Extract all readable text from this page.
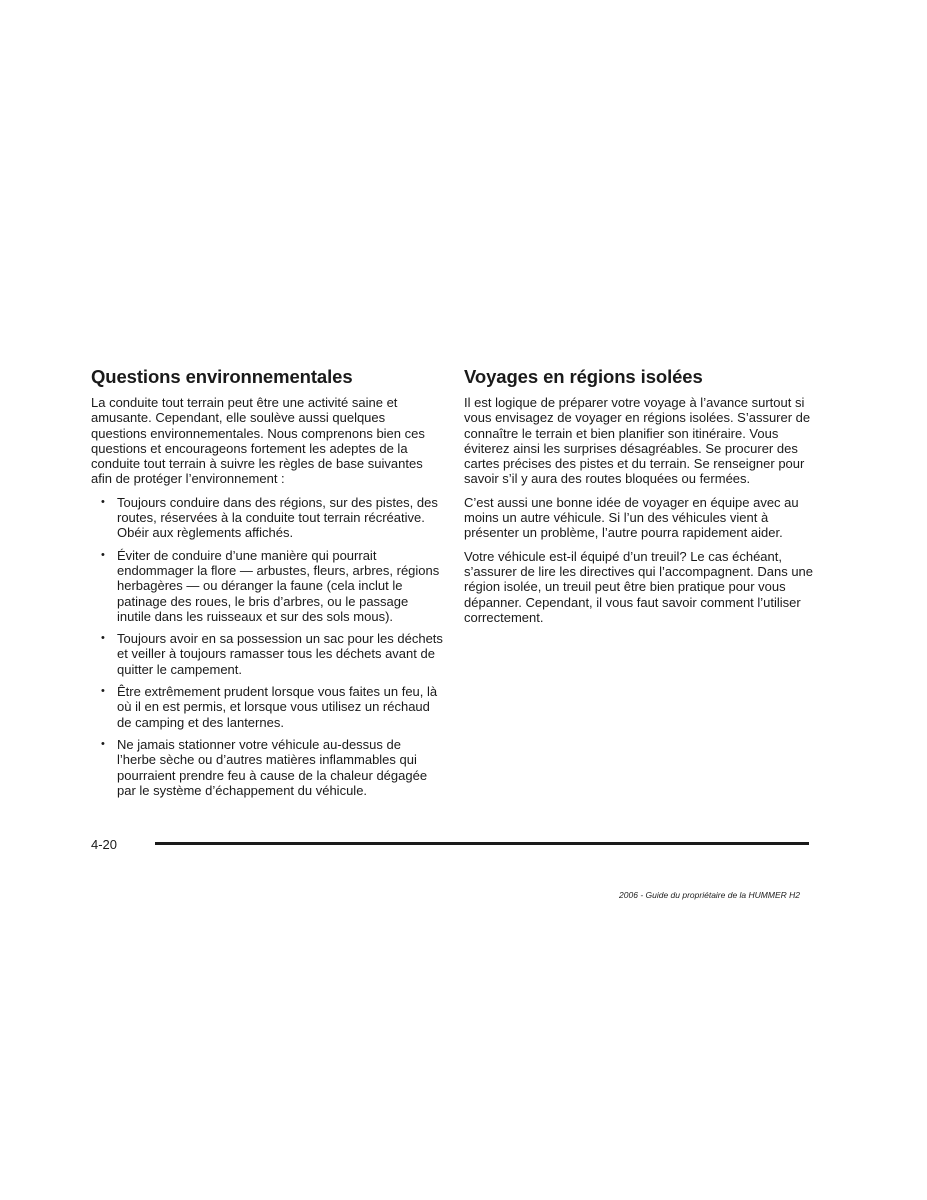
Questions environnementales

La conduite tout terrain peut être une activité saine et amusante. Cependant, elle soulève aussi quelques questions environnementales. Nous comprenons bien ces questions et encourageons fortement les adeptes de la conduite tout terrain à suivre les règles de base suivantes afin de protéger l’environnement :

• Toujours conduire dans des régions, sur des pistes, des routes, réservées à la conduite tout terrain récréative. Obéir aux règlements affichés.
• Éviter de conduire d’une manière qui pourrait endommager la flore — arbustes, fleurs, arbres, régions herbagères — ou déranger la faune (cela inclut le patinage des roues, le bris d’arbres, ou le passage inutile dans les ruisseaux et sur des sols mous).
• Toujours avoir en sa possession un sac pour les déchets et veiller à toujours ramasser tous les déchets avant de quitter le campement.
• Être extrêmement prudent lorsque vous faites un feu, là où il en est permis, et lorsque vous utilisez un réchaud de camping et des lanternes.
• Ne jamais stationner votre véhicule au-dessus de l’herbe sèche ou d’autres matières inflammables qui pourraient prendre feu à cause de la chaleur dégagée par le système d’échappement du véhicule.
Voyages en régions isolées

Il est logique de préparer votre voyage à l’avance surtout si vous envisagez de voyager en régions isolées. S’assurer de connaître le terrain et bien planifier son itinéraire. Vous éviterez ainsi les surprises désagréables. Se procurer des cartes précises des pistes et du terrain. Se renseigner pour savoir s’il y aura des routes bloquées ou fermées.

C’est aussi une bonne idée de voyager en équipe avec au moins un autre véhicule. Si l’un des véhicules vient à présenter un problème, l’autre pourra rapidement aider.

Votre véhicule est-il équipé d’un treuil? Le cas échéant, s’assurer de lire les directives qui l’accompagnent. Dans une région isolée, un treuil peut être bien pratique pour vous dépanner. Cependant, il vous faut savoir comment l’utiliser correctement.

4-20
2006 - Guide du propriétaire de la HUMMER H2
